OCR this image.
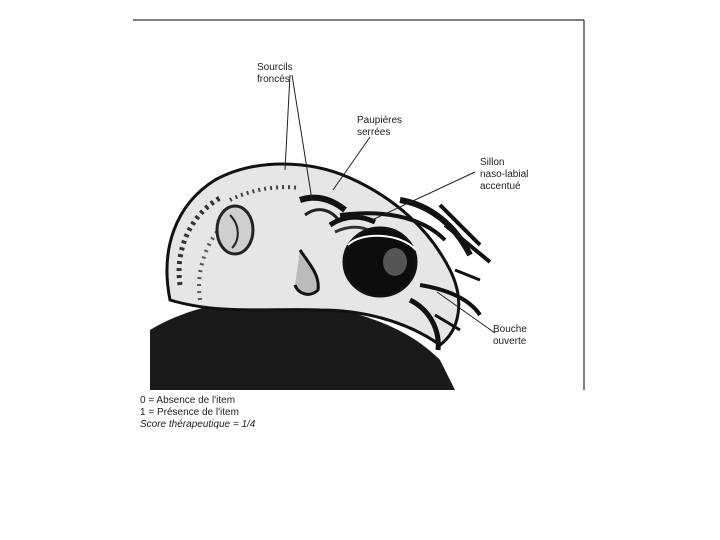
Sourcils
froncés
Paupières
serrées
Sillon
naso-labial
accentué
Bouche
ouverte
0 = Absence de l'item
1 = Présence de l'item
Score thérapeutique = 1/4
